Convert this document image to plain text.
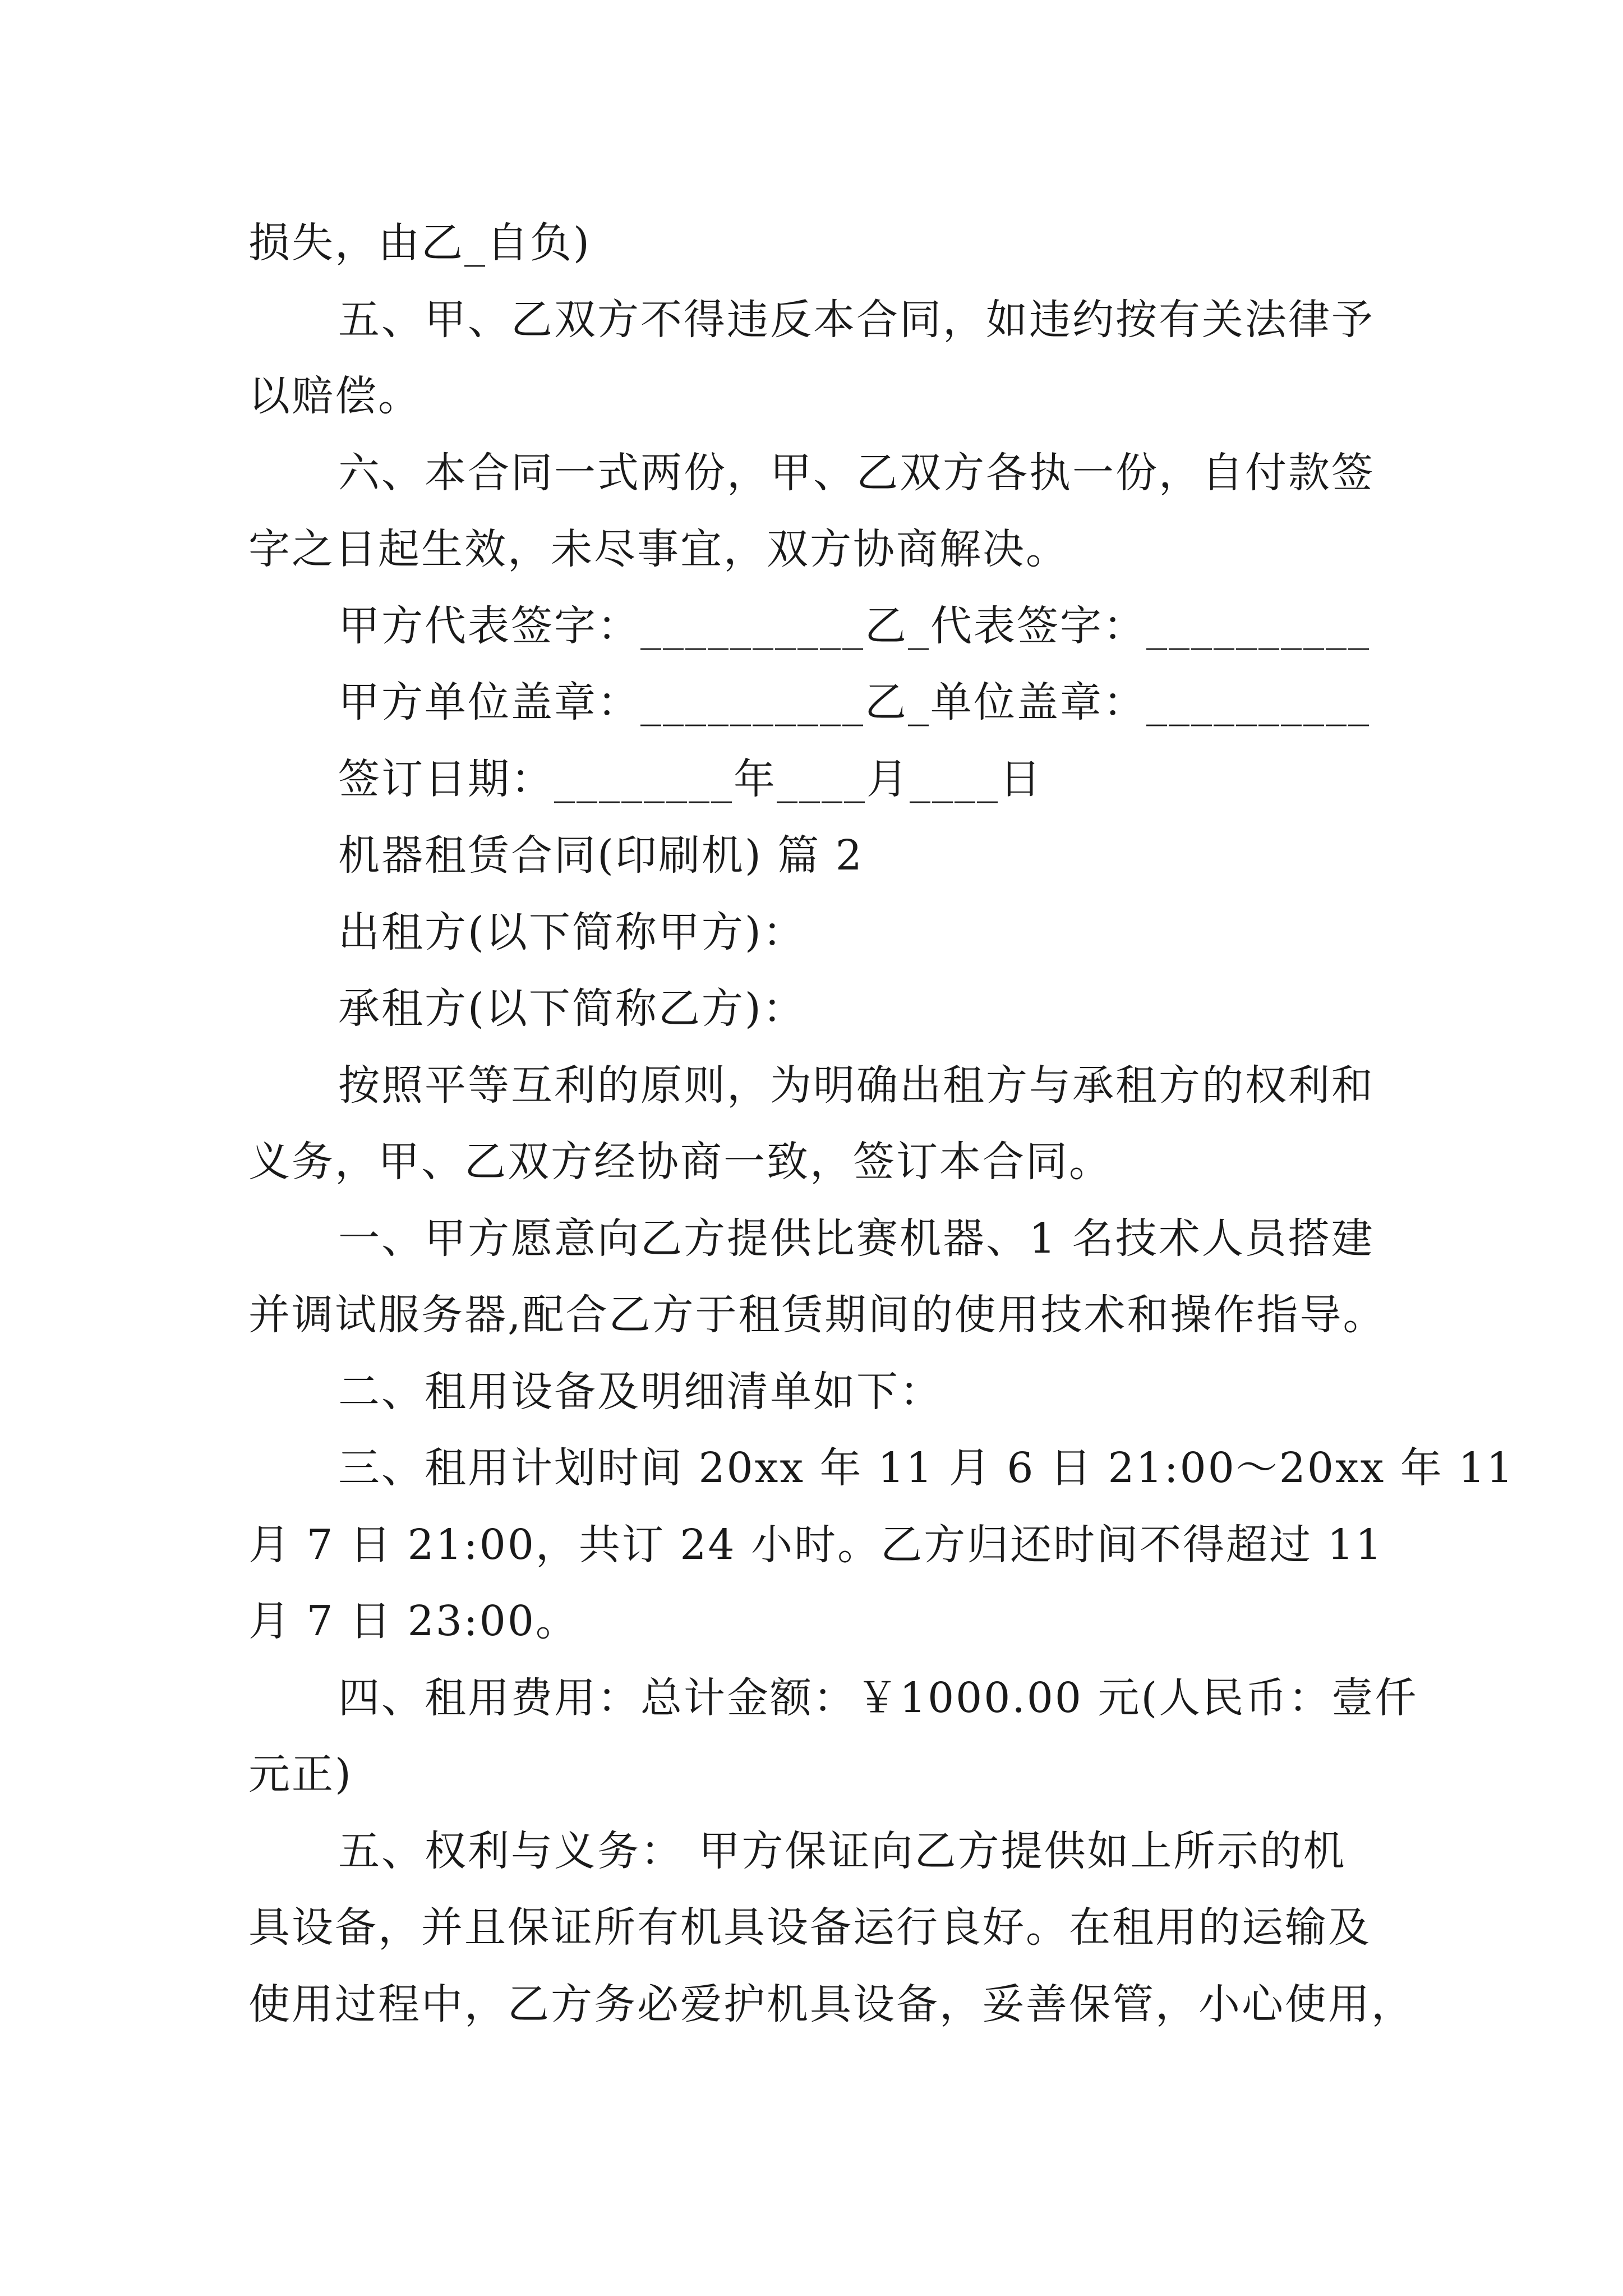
损失，由乙_自负)
五、甲、乙双方不得违反本合同，如违约按有关法律予
以赔偿。
六、本合同一式两份，甲、乙双方各执一份，自付款签
字之日起生效，未尽事宜，双方协商解决。
甲方代表签字：__________乙_代表签字：__________
甲方单位盖章：__________乙_单位盖章：__________
签订日期：________年____月____日
机器租赁合同(印刷机) 篇 2
出租方(以下简称甲方)：
承租方(以下简称乙方)：
按照平等互利的原则，为明确出租方与承租方的权利和
义务，甲、乙双方经协商一致，签订本合同。
一、甲方愿意向乙方提供比赛机器、1 名技术人员搭建
并调试服务器,配合乙方于租赁期间的使用技术和操作指导。
二、租用设备及明细清单如下：
三、租用计划时间 20xx 年 11 月 6 日 21:00～20xx 年 11
月 7 日 21:00，共订 24 小时。乙方归还时间不得超过 11
月 7 日 23:00。
四、租用费用：总计金额：￥1000.00 元(人民币：壹仟
元正)
五、权利与义务： 甲方保证向乙方提供如上所示的机
具设备，并且保证所有机具设备运行良好。在租用的运输及
使用过程中，乙方务必爱护机具设备，妥善保管，小心使用，
